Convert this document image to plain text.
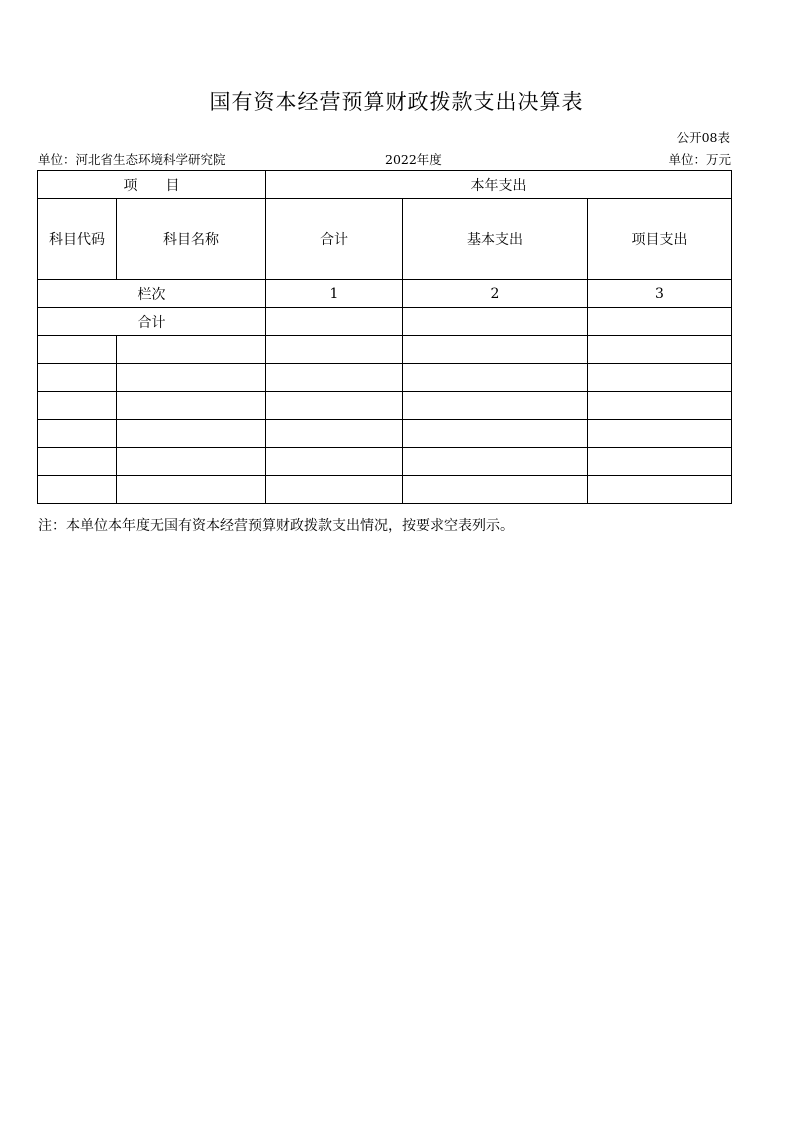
国有资本经营预算财政拨款支出决算表
公开08表
单位：河北省生态环境科学研究院	2022年度	单位：万元
项　　目		本年支出		
科目代码	科目名称	合计	基本支出	项目支出
栏次		1	2	3
合计				

注：本单位本年度无国有资本经营预算财政拨款支出情况，按要求空表列示。
